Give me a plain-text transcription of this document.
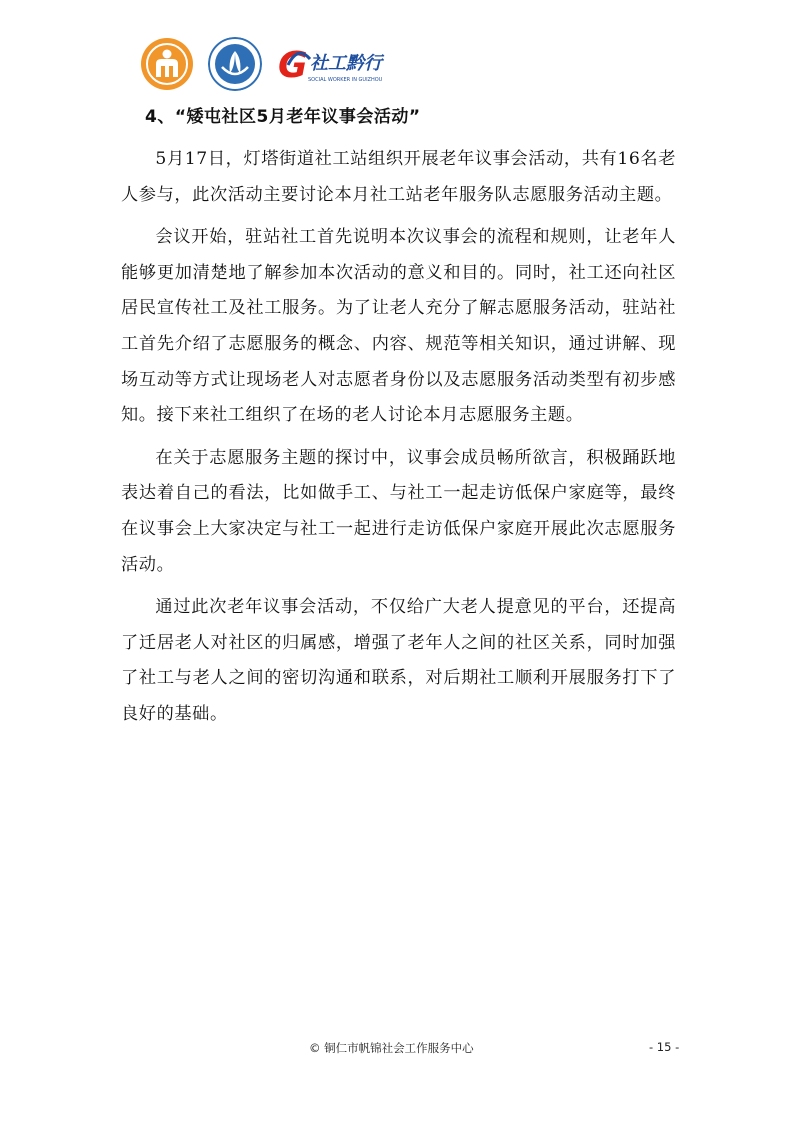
G 社工黔行
SOCIAL WORKER IN GUIZHOU
4、“矮屯社区5月老年议事会活动”

5月17日，灯塔街道社工站组织开展老年议事会活动，共有16名老人参与，此次活动主要讨论本月社工站老年服务队志愿服务活动主题。

会议开始，驻站社工首先说明本次议事会的流程和规则，让老年人能够更加清楚地了解参加本次活动的意义和目的。同时，社工还向社区居民宣传社工及社工服务。为了让老人充分了解志愿服务活动，驻站社工首先介绍了志愿服务的概念、内容、规范等相关知识，通过讲解、现场互动等方式让现场老人对志愿者身份以及志愿服务活动类型有初步感知。接下来社工组织了在场的老人讨论本月志愿服务主题。

在关于志愿服务主题的探讨中，议事会成员畅所欲言，积极踊跃地表达着自己的看法，比如做手工、与社工一起走访低保户家庭等，最终在议事会上大家决定与社工一起进行走访低保户家庭开展此次志愿服务活动。

通过此次老年议事会活动，不仅给广大老人提意见的平台，还提高了迁居老人对社区的归属感，增强了老年人之间的社区关系，同时加强了社工与老人之间的密切沟通和联系，对后期社工顺利开展服务打下了良好的基础。

© 铜仁市帆锦社会工作服务中心	- 15 -
